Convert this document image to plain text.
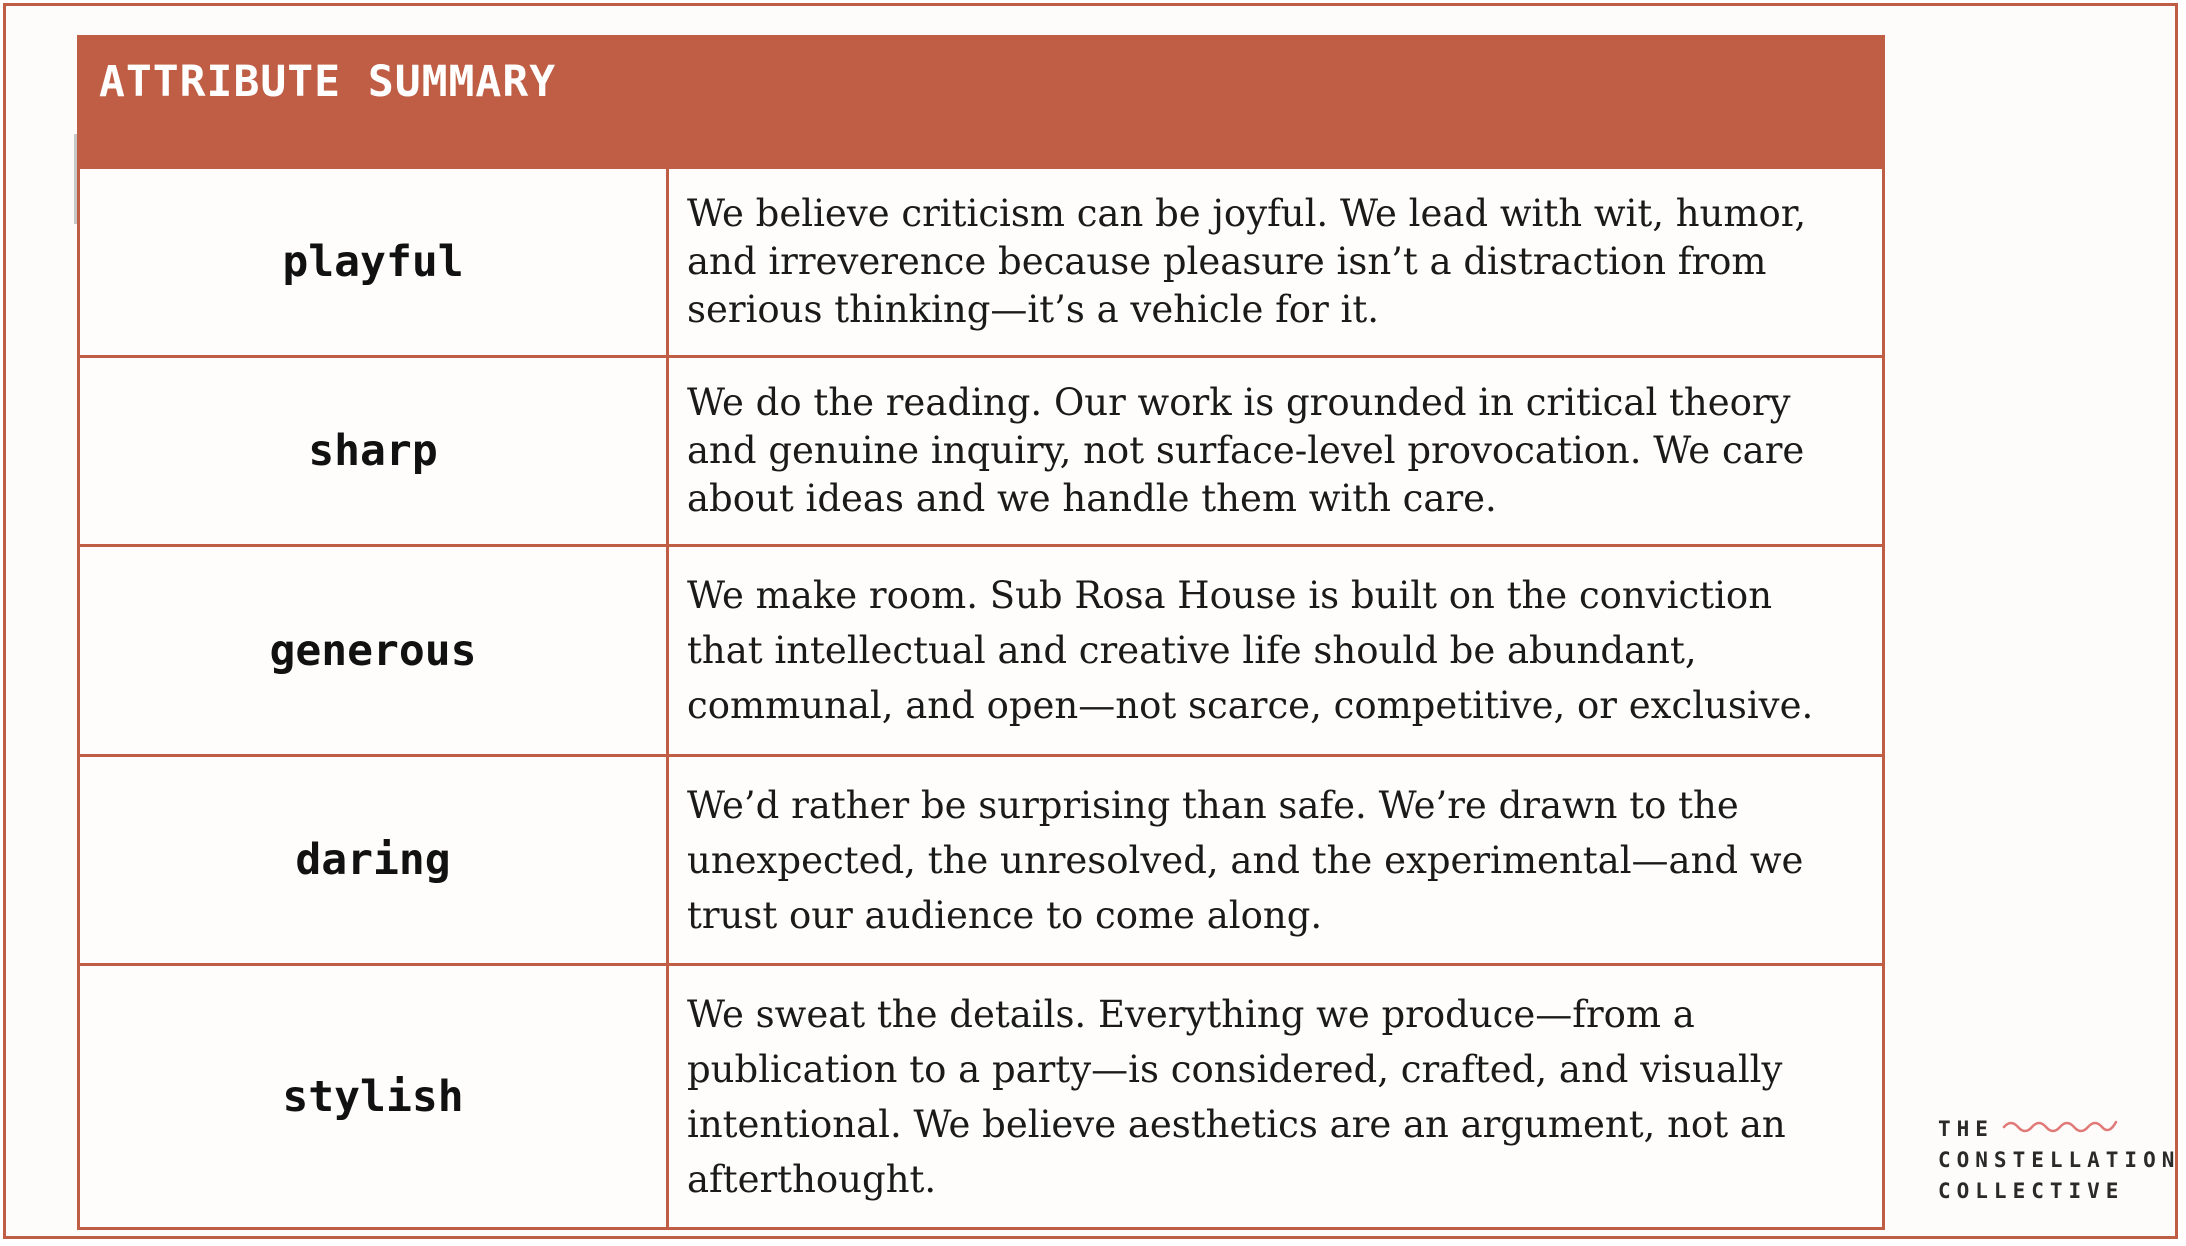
ATTRIBUTE SUMMARY
playful	We believe criticism can be joyful. We lead with wit, humor, and irreverence because pleasure isn’t a distraction from serious thinking—it’s a vehicle for it.
sharp	We do the reading. Our work is grounded in critical theory and genuine inquiry, not surface-level provocation. We care about ideas and we handle them with care.
generous	We make room. Sub Rosa House is built on the conviction that intellectual and creative life should be abundant, communal, and open—not scarce, competitive, or exclusive.
daring	We’d rather be surprising than safe. We’re drawn to the unexpected, the unresolved, and the experimental—and we trust our audience to come along.
stylish	We sweat the details. Everything we produce—from a publication to a party—is considered, crafted, and visually intentional. We believe aesthetics are an argument, not an afterthought.
THE
CONSTELLATION
COLLECTIVE
